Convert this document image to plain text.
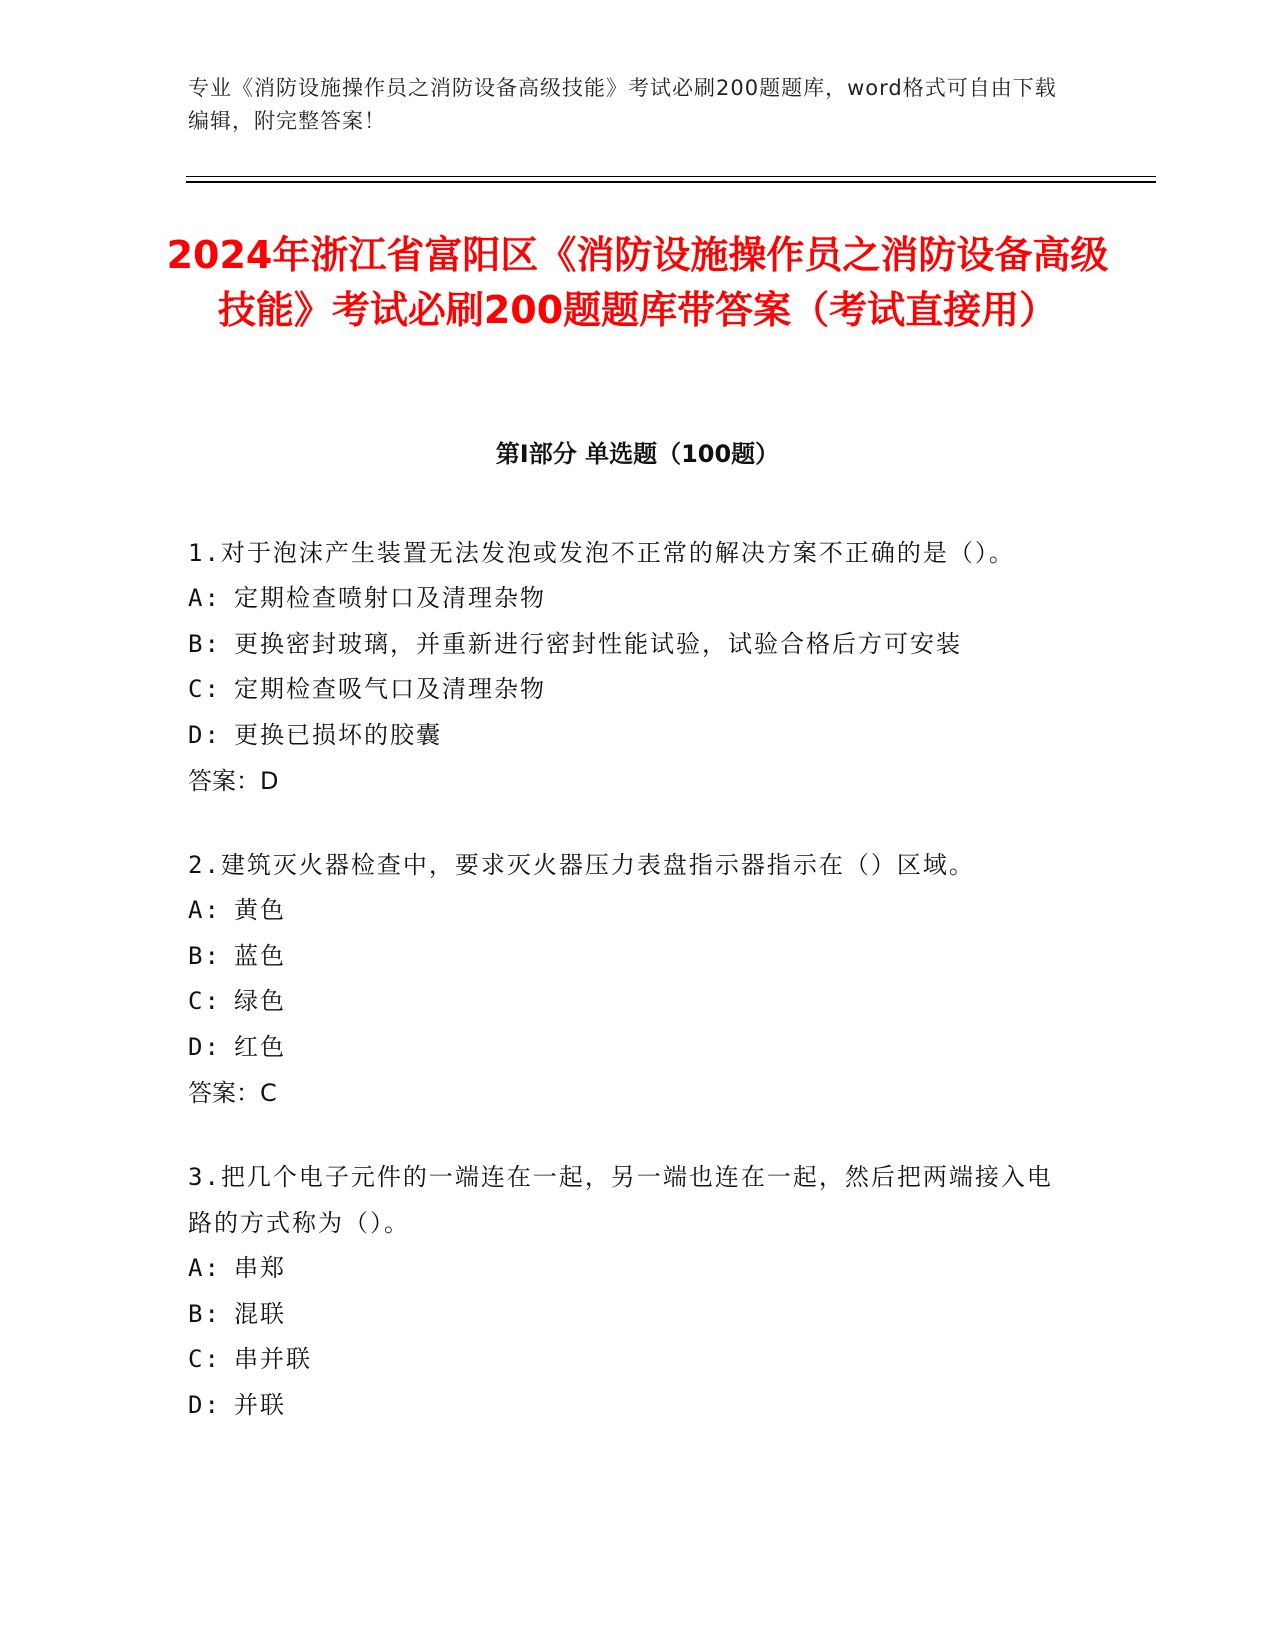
专业《消防设施操作员之消防设备高级技能》考试必刷200题题库，word格式可自由下载编辑，附完整答案！

2024年浙江省富阳区《消防设施操作员之消防设备高级技能》考试必刷200题题库带答案（考试直接用）
第I部分 单选题（100题）

1.对于泡沫产生装置无法发泡或发泡不正常的解决方案不正确的是（）。

A: 定期检查喷射口及清理杂物

B: 更换密封玻璃，并重新进行密封性能试验，试验合格后方可安装

C: 定期检查吸气口及清理杂物

D: 更换已损坏的胶囊

答案：D

2.建筑灭火器检查中，要求灭火器压力表盘指示器指示在（）区域。

A: 黄色

B: 蓝色

C: 绿色

D: 红色

答案：C

3.把几个电子元件的一端连在一起，另一端也连在一起，然后把两端接入电路的方式称为（）。

A: 串郑

B: 混联

C: 串并联

D: 并联
